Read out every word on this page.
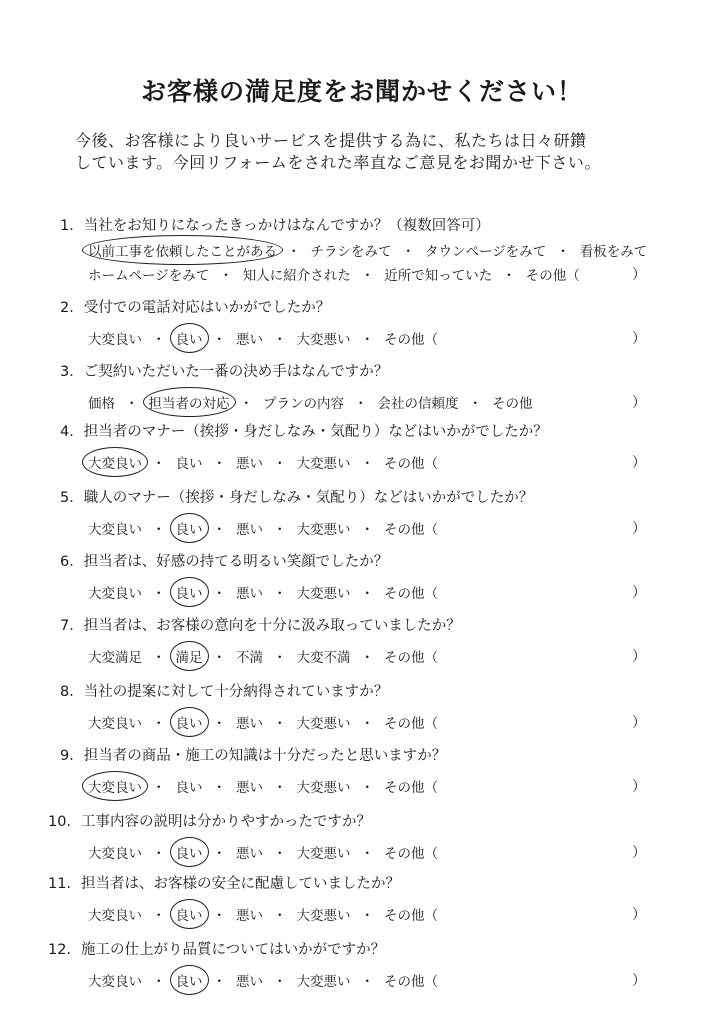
お客様の満足度をお聞かせください！
今後、お客様により良いサービスを提供する為に、私たちは日々研鑽
しています。今回リフォームをされた率直なご意見をお聞かせ下さい。
1．当社をお知りになったきっかけはなんですか？（複数回答可）
以前工事を依頼したことがある ・ チラシをみて ・ タウンページをみて ・ 看板をみて
ホームページをみて ・ 知人に紹介された ・ 近所で知っていた ・ その他（	）
2．受付での電話対応はいかがでしたか？
大変良い ・ 良い ・ 悪い ・ 大変悪い ・ その他（	）
3．ご契約いただいた一番の決め手はなんですか？
価格 ・ 担当者の対応 ・ プランの内容 ・ 会社の信頼度 ・ その他	）
4．担当者のマナー（挨拶・身だしなみ・気配り）などはいかがでしたか？
大変良い ・ 良い ・ 悪い ・ 大変悪い ・ その他（	）
5．職人のマナー（挨拶・身だしなみ・気配り）などはいかがでしたか？
大変良い ・ 良い ・ 悪い ・ 大変悪い ・ その他（	）
6．担当者は、好感の持てる明るい笑顔でしたか？
大変良い ・ 良い ・ 悪い ・ 大変悪い ・ その他（	）
7．担当者は、お客様の意向を十分に汲み取っていましたか？
大変満足 ・ 満足 ・ 不満 ・ 大変不満 ・ その他（	）
8．当社の提案に対して十分納得されていますか？
大変良い ・ 良い ・ 悪い ・ 大変悪い ・ その他（	）
9．担当者の商品・施工の知識は十分だったと思いますか？
大変良い ・ 良い ・ 悪い ・ 大変悪い ・ その他（	）
10．工事内容の説明は分かりやすかったですか？
大変良い ・ 良い ・ 悪い ・ 大変悪い ・ その他（	）
11．担当者は、お客様の安全に配慮していましたか？
大変良い ・ 良い ・ 悪い ・ 大変悪い ・ その他（	）
12．施工の仕上がり品質についてはいかがですか？
大変良い ・ 良い ・ 悪い ・ 大変悪い ・ その他（	）
